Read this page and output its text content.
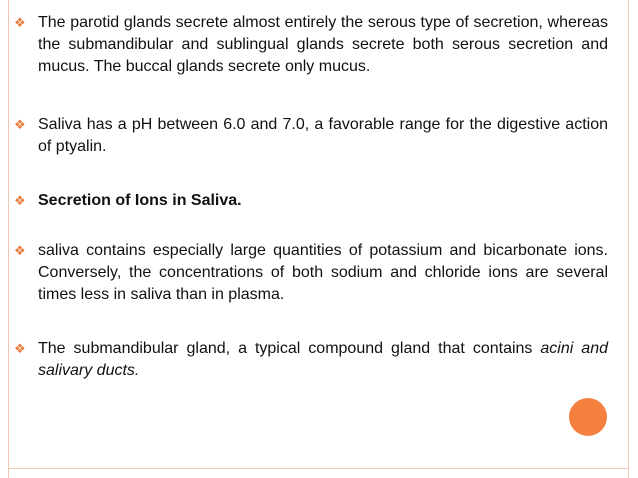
❖ The parotid glands secrete almost entirely the serous type of secretion, whereas the submandibular and sublingual glands secrete both serous secretion and mucus. The buccal glands secrete only mucus.
❖ Saliva has a pH between 6.0 and 7.0, a favorable range for the digestive action of ptyalin.
❖ Secretion of Ions in Saliva.
❖ saliva contains especially large quantities of potassium and bicarbonate ions. Conversely, the concentrations of both sodium and chloride ions are several times less in saliva than in plasma.
❖ The submandibular gland, a typical compound gland that contains acini and salivary ducts.
